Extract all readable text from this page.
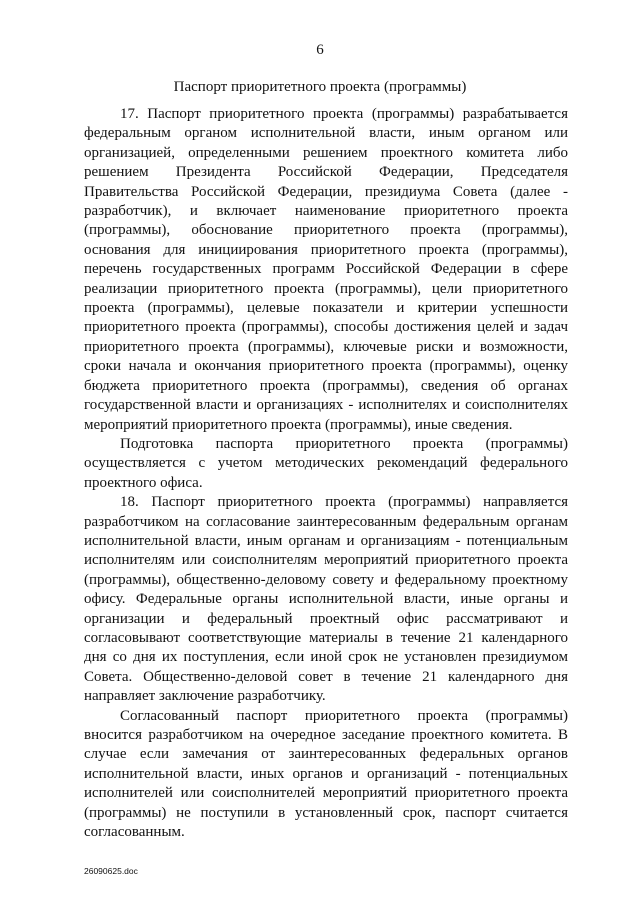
6
Паспорт приоритетного проекта (программы)

17. Паспорт приоритетного проекта (программы) разрабатывается федеральным органом исполнительной власти, иным органом или организацией, определенными решением проектного комитета либо решением Президента Российской Федерации, Председателя Правительства Российской Федерации, президиума Совета (далее - разработчик), и включает наименование приоритетного проекта (программы), обоснование приоритетного проекта (программы), основания для инициирования приоритетного проекта (программы), перечень государственных программ Российской Федерации в сфере реализации приоритетного проекта (программы), цели приоритетного проекта (программы), целевые показатели и критерии успешности приоритетного проекта (программы), способы достижения целей и задач приоритетного проекта (программы), ключевые риски и возможности, сроки начала и окончания приоритетного проекта (программы), оценку бюджета приоритетного проекта (программы), сведения об органах государственной власти и организациях - исполнителях и соисполнителях мероприятий приоритетного проекта (программы), иные сведения.

Подготовка паспорта приоритетного проекта (программы) осуществляется с учетом методических рекомендаций федерального проектного офиса.

18. Паспорт приоритетного проекта (программы) направляется разработчиком на согласование заинтересованным федеральным органам исполнительной власти, иным органам и организациям - потенциальным исполнителям или соисполнителям мероприятий приоритетного проекта (программы), общественно-деловому совету и федеральному проектному офису. Федеральные органы исполнительной власти, иные органы и организации и федеральный проектный офис рассматривают и согласовывают соответствующие материалы в течение 21 календарного дня со дня их поступления, если иной срок не установлен президиумом Совета. Общественно-деловой совет в течение 21 календарного дня направляет заключение разработчику.

Согласованный паспорт приоритетного проекта (программы) вносится разработчиком на очередное заседание проектного комитета. В случае если замечания от заинтересованных федеральных органов исполнительной власти, иных органов и организаций - потенциальных исполнителей или соисполнителей мероприятий приоритетного проекта (программы) не поступили в установленный срок, паспорт считается согласованным.

26090625.doc
